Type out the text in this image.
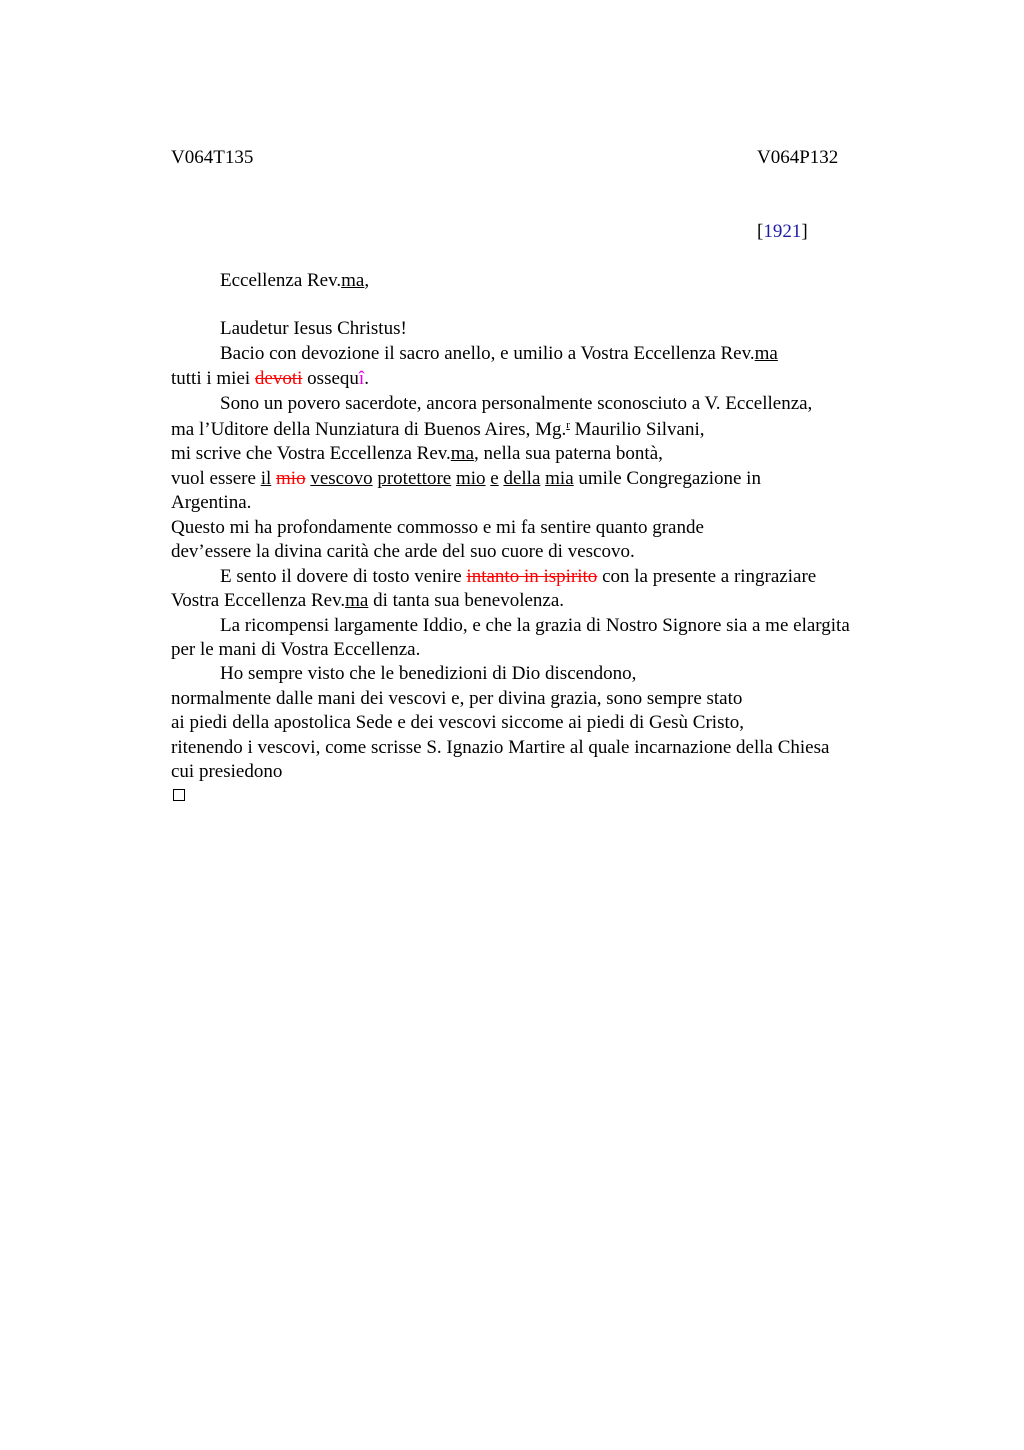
V064T135	V064P132
[1921]
Eccellenza Rev.ma,
Laudetur Iesus Christus!
Bacio con devozione il sacro anello, e umilio a Vostra Eccellenza Rev.ma
tutti i miei devoti ossequî.
Sono un povero sacerdote, ancora personalmente sconosciuto a V. Eccellenza,
ma l’Uditore della Nunziatura di Buenos Aires, Mg.$^r$ Maurilio Silvani,
mi scrive che Vostra Eccellenza Rev.ma, nella sua paterna bontà,
vuol essere il mio vescovo protettore mio e della mia umile Congregazione in
Argentina.
Questo mi ha profondamente commosso e mi fa sentire quanto grande
dev’essere la divina carità che arde del suo cuore di vescovo.
E sento il dovere di tosto venire intanto in ispirito con la presente a ringraziare
Vostra Eccellenza Rev.ma di tanta sua benevolenza.
La ricompensi largamente Iddio, e che la grazia di Nostro Signore sia a me elargita
per le mani di Vostra Eccellenza.
Ho sempre visto che le benedizioni di Dio discendono,
normalmente dalle mani dei vescovi e, per divina grazia, sono sempre stato
ai piedi della apostolica Sede e dei vescovi siccome ai piedi di Gesù Cristo,
ritenendo i vescovi, come scrisse S. Ignazio Martire al quale incarnazione della Chiesa
cui presiedono
